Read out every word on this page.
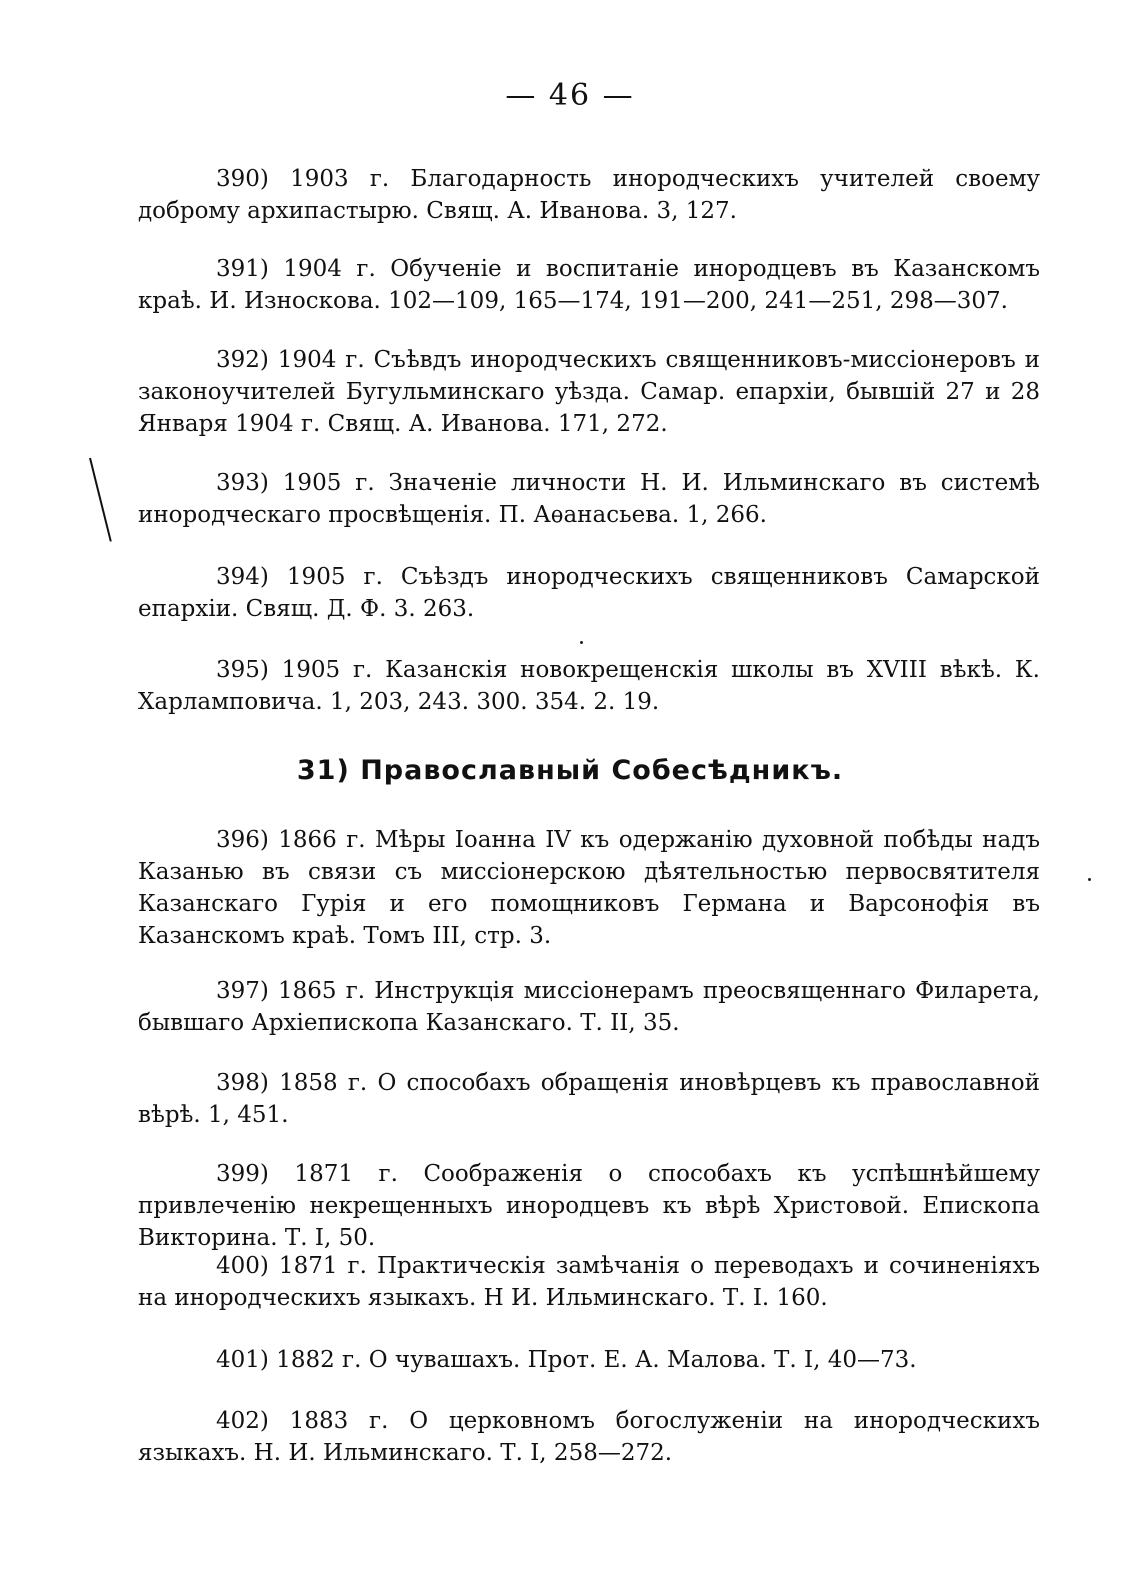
— 46 —

390) 1903 г. Благодарность инородческихъ учителей своему доброму архипастырю. Свящ. А. Иванова. 3, 127.

391) 1904 г. Обученіе и воспитаніе инородцевъ въ Казанскомъ краѣ. И. Износкова. 102—109, 165—174, 191—200, 241—251, 298—307.

392) 1904 г. Съѣвдъ инородческихъ священниковъ-миссіонеровъ и законоучителей Бугульминскаго уѣзда. Самар. епархіи, бывшій 27 и 28 Января 1904 г. Свящ. А. Иванова. 171, 272.

393) 1905 г. Значеніе личности Н. И. Ильминскаго въ системѣ инородческаго просвѣщенія. П. Аѳанасьева. 1, 266.

394) 1905 г. Съѣздъ инородческихъ священниковъ Самарской епархіи. Свящ. Д. Ф. 3. 263.

395) 1905 г. Казанскія новокрещенскія школы въ XVIII вѣкѣ. К. Харламповича. 1, 203, 243. 300. 354. 2. 19.

31) Православный Собесѣдникъ.

396) 1866 г. Мѣры Іоанна IV къ одержанію духовной побѣды надъ Казанью въ связи съ миссіонерскою дѣятельностью первосвятителя Казанскаго Гурія и его помощниковъ Германа и Варсонофія въ Казанскомъ краѣ. Томъ III, стр. 3.

397) 1865 г. Инструкція миссіонерамъ преосвященнаго Филарета, бывшаго Архіепископа Казанскаго. Т. II, 35.

398) 1858 г. О способахъ обращенія иновѣрцевъ къ православной вѣрѣ. 1, 451.

399) 1871 г. Соображенія о способахъ къ успѣшнѣйшему привлеченію некрещенныхъ инородцевъ къ вѣрѣ Христовой. Епископа Викторина. Т. I, 50.

400) 1871 г. Практическія замѣчанія о переводахъ и сочиненіяхъ на инородческихъ языкахъ. Н И. Ильминскаго. Т. I. 160.

401) 1882 г. О чувашахъ. Прот. Е. А. Малова. Т. I, 40—73.

402) 1883 г. О церковномъ богослуженіи на инородческихъ языкахъ. Н. И. Ильминскаго. Т. I, 258—272.
